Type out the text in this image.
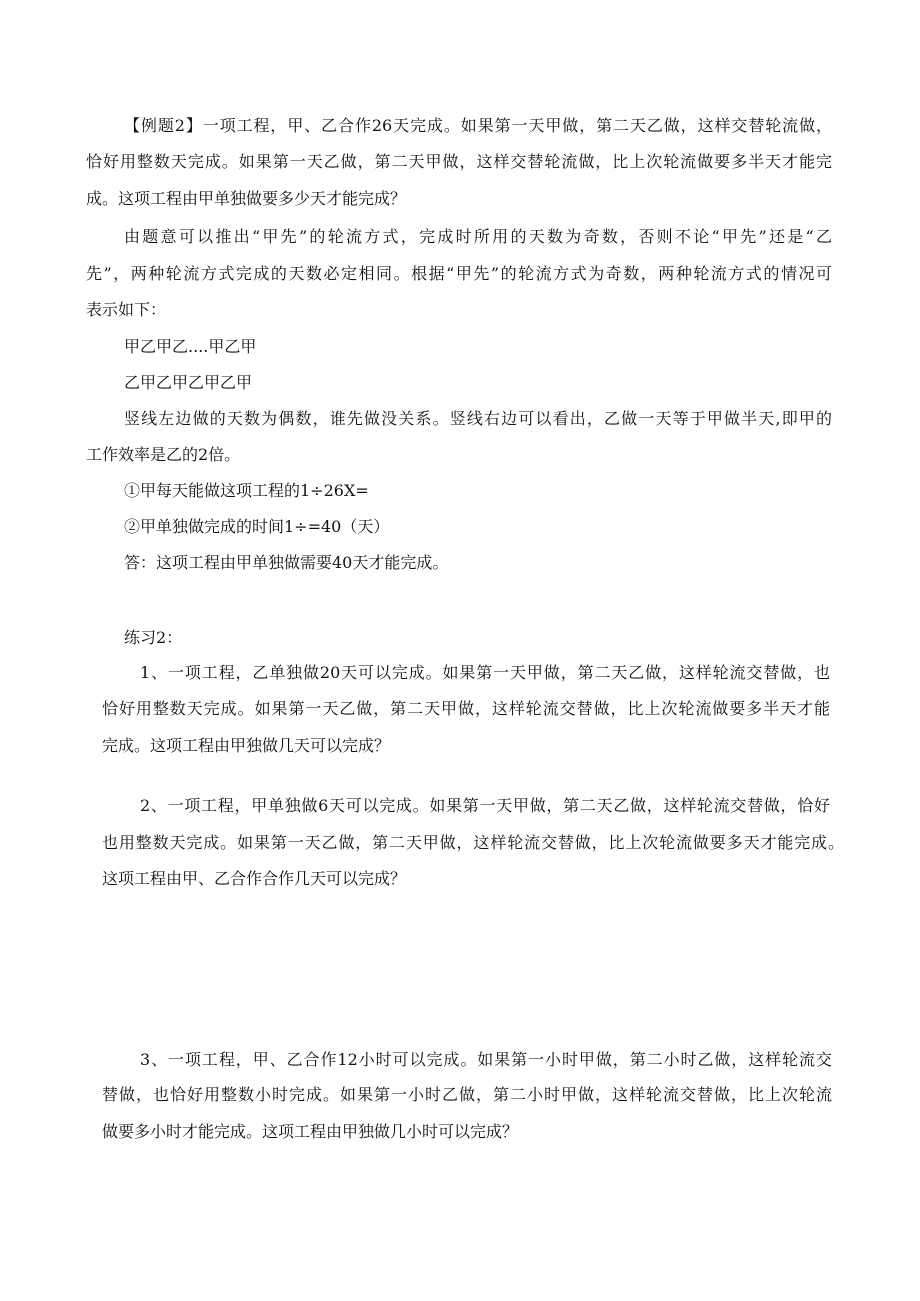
【例题2】一项工程，甲、乙合作26天完成。如果第一天甲做，第二天乙做，这样交替轮流做，
恰好用整数天完成。如果第一天乙做，第二天甲做，这样交替轮流做，比上次轮流做要多半天才能完
成。这项工程由甲单独做要多少天才能完成？
由题意可以推出“甲先”的轮流方式，完成时所用的天数为奇数，否则不论“甲先”还是“乙
先”，两种轮流方式完成的天数必定相同。根据“甲先”的轮流方式为奇数，两种轮流方式的情况可
表示如下：
甲乙甲乙....甲乙甲
乙甲乙甲乙甲乙甲
竖线左边做的天数为偶数，谁先做没关系。竖线右边可以看出，乙做一天等于甲做半天,即甲的
工作效率是乙的2倍。
①甲每天能做这项工程的1÷26X=
②甲单独做完成的时间1÷=40（天）
答：这项工程由甲单独做需要40天才能完成。
练习2：
1、一项工程，乙单独做20天可以完成。如果第一天甲做，第二天乙做，这样轮流交替做，也
恰好用整数天完成。如果第一天乙做，第二天甲做，这样轮流交替做，比上次轮流做要多半天才能
完成。这项工程由甲独做几天可以完成？
2、一项工程，甲单独做6天可以完成。如果第一天甲做，第二天乙做，这样轮流交替做，恰好
也用整数天完成。如果第一天乙做，第二天甲做，这样轮流交替做，比上次轮流做要多天才能完成。
这项工程由甲、乙合作合作几天可以完成？
3、一项工程，甲、乙合作12小时可以完成。如果第一小时甲做，第二小时乙做，这样轮流交
替做，也恰好用整数小时完成。如果第一小时乙做，第二小时甲做，这样轮流交替做，比上次轮流
做要多小时才能完成。这项工程由甲独做几小时可以完成？
